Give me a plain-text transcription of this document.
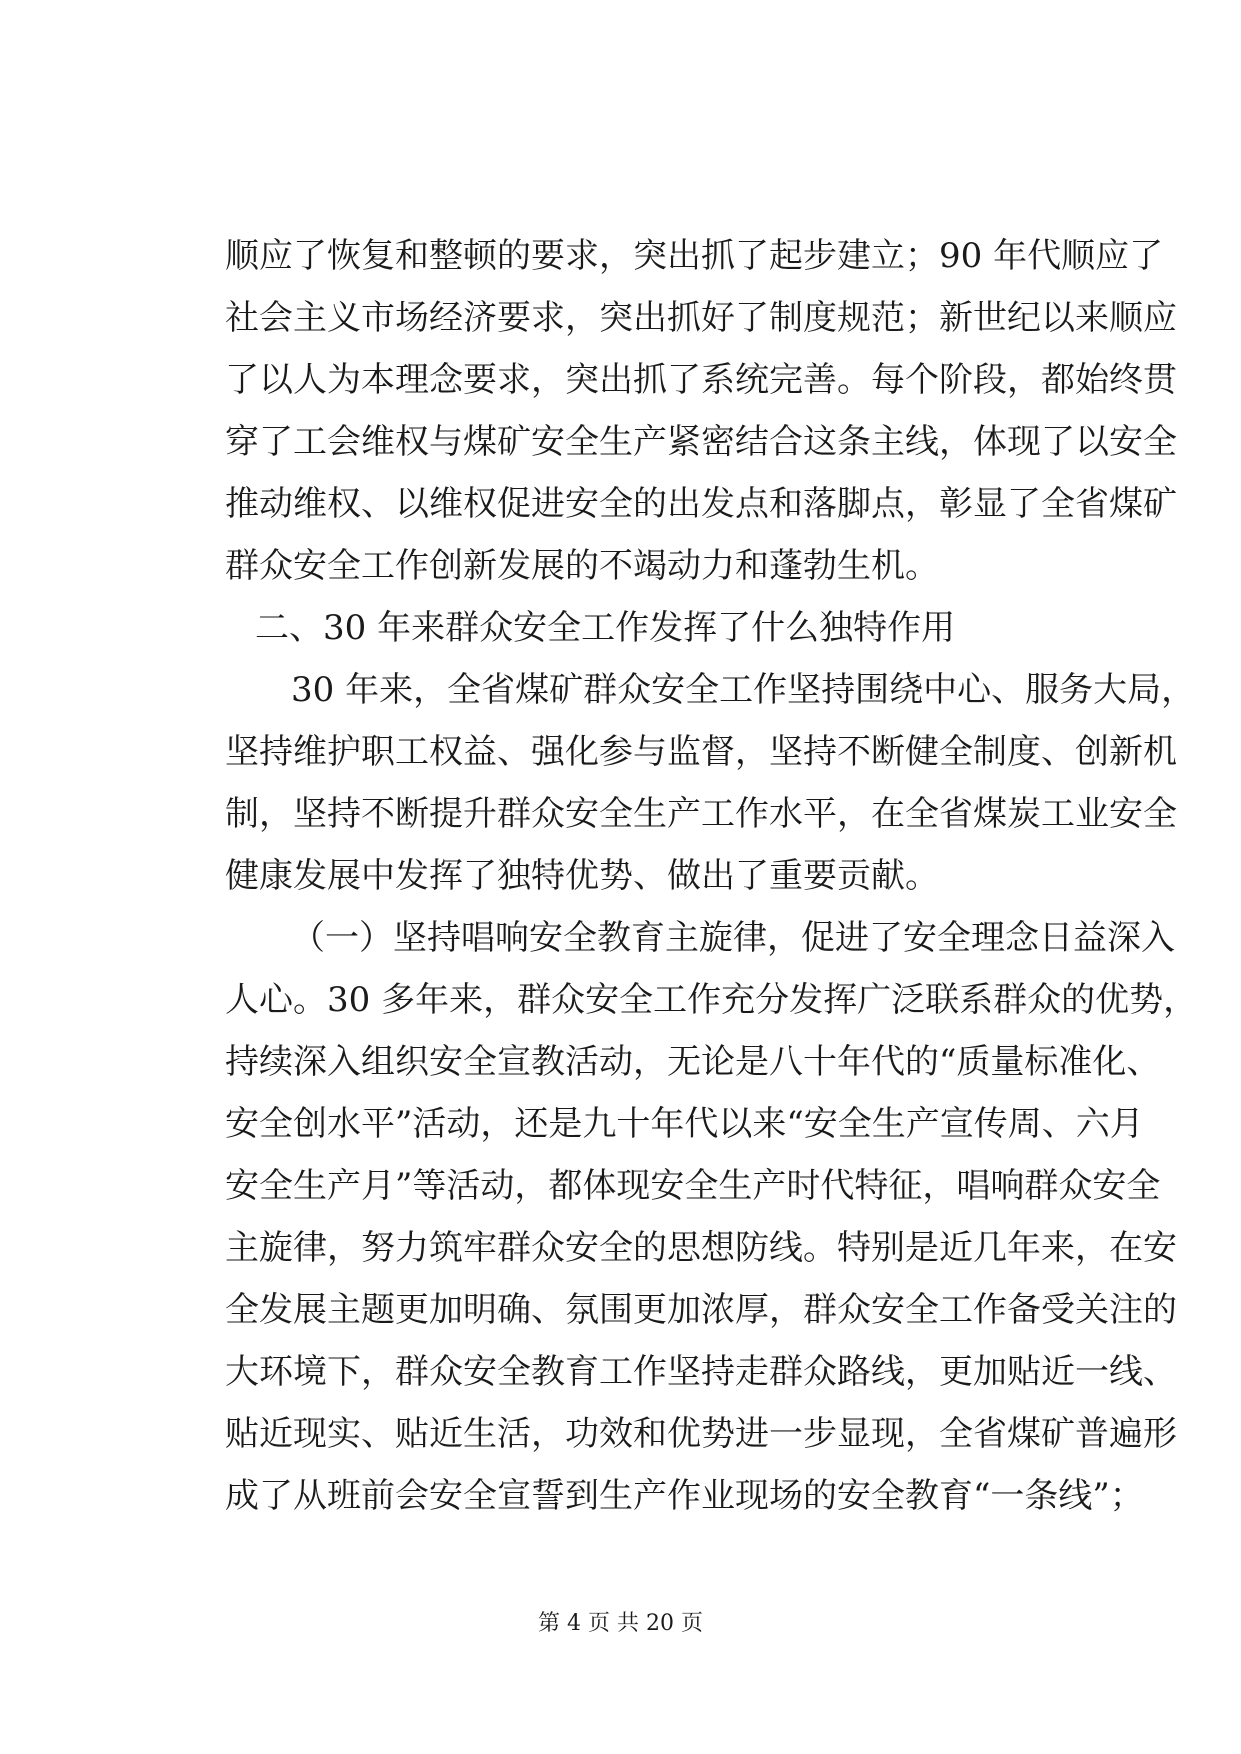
顺应了恢复和整顿的要求，突出抓了起步建立；90 年代顺应了
社会主义市场经济要求，突出抓好了制度规范；新世纪以来顺应
了以人为本理念要求，突出抓了系统完善。每个阶段，都始终贯
穿了工会维权与煤矿安全生产紧密结合这条主线，体现了以安全
推动维权、以维权促进安全的出发点和落脚点，彰显了全省煤矿
群众安全工作创新发展的不竭动力和蓬勃生机。
二、30 年来群众安全工作发挥了什么独特作用
30 年来，全省煤矿群众安全工作坚持围绕中心、服务大局，
坚持维护职工权益、强化参与监督，坚持不断健全制度、创新机
制，坚持不断提升群众安全生产工作水平，在全省煤炭工业安全
健康发展中发挥了独特优势、做出了重要贡献。
（一）坚持唱响安全教育主旋律，促进了安全理念日益深入
人心。30 多年来，群众安全工作充分发挥广泛联系群众的优势，
持续深入组织安全宣教活动，无论是八十年代的“质量标准化、
安全创水平”活动，还是九十年代以来“安全生产宣传周、六月
安全生产月”等活动，都体现安全生产时代特征，唱响群众安全
主旋律，努力筑牢群众安全的思想防线。特别是近几年来，在安
全发展主题更加明确、氛围更加浓厚，群众安全工作备受关注的
大环境下，群众安全教育工作坚持走群众路线，更加贴近一线、
贴近现实、贴近生活，功效和优势进一步显现，全省煤矿普遍形
成了从班前会安全宣誓到生产作业现场的安全教育“一条线”；
第 4 页 共 20 页
